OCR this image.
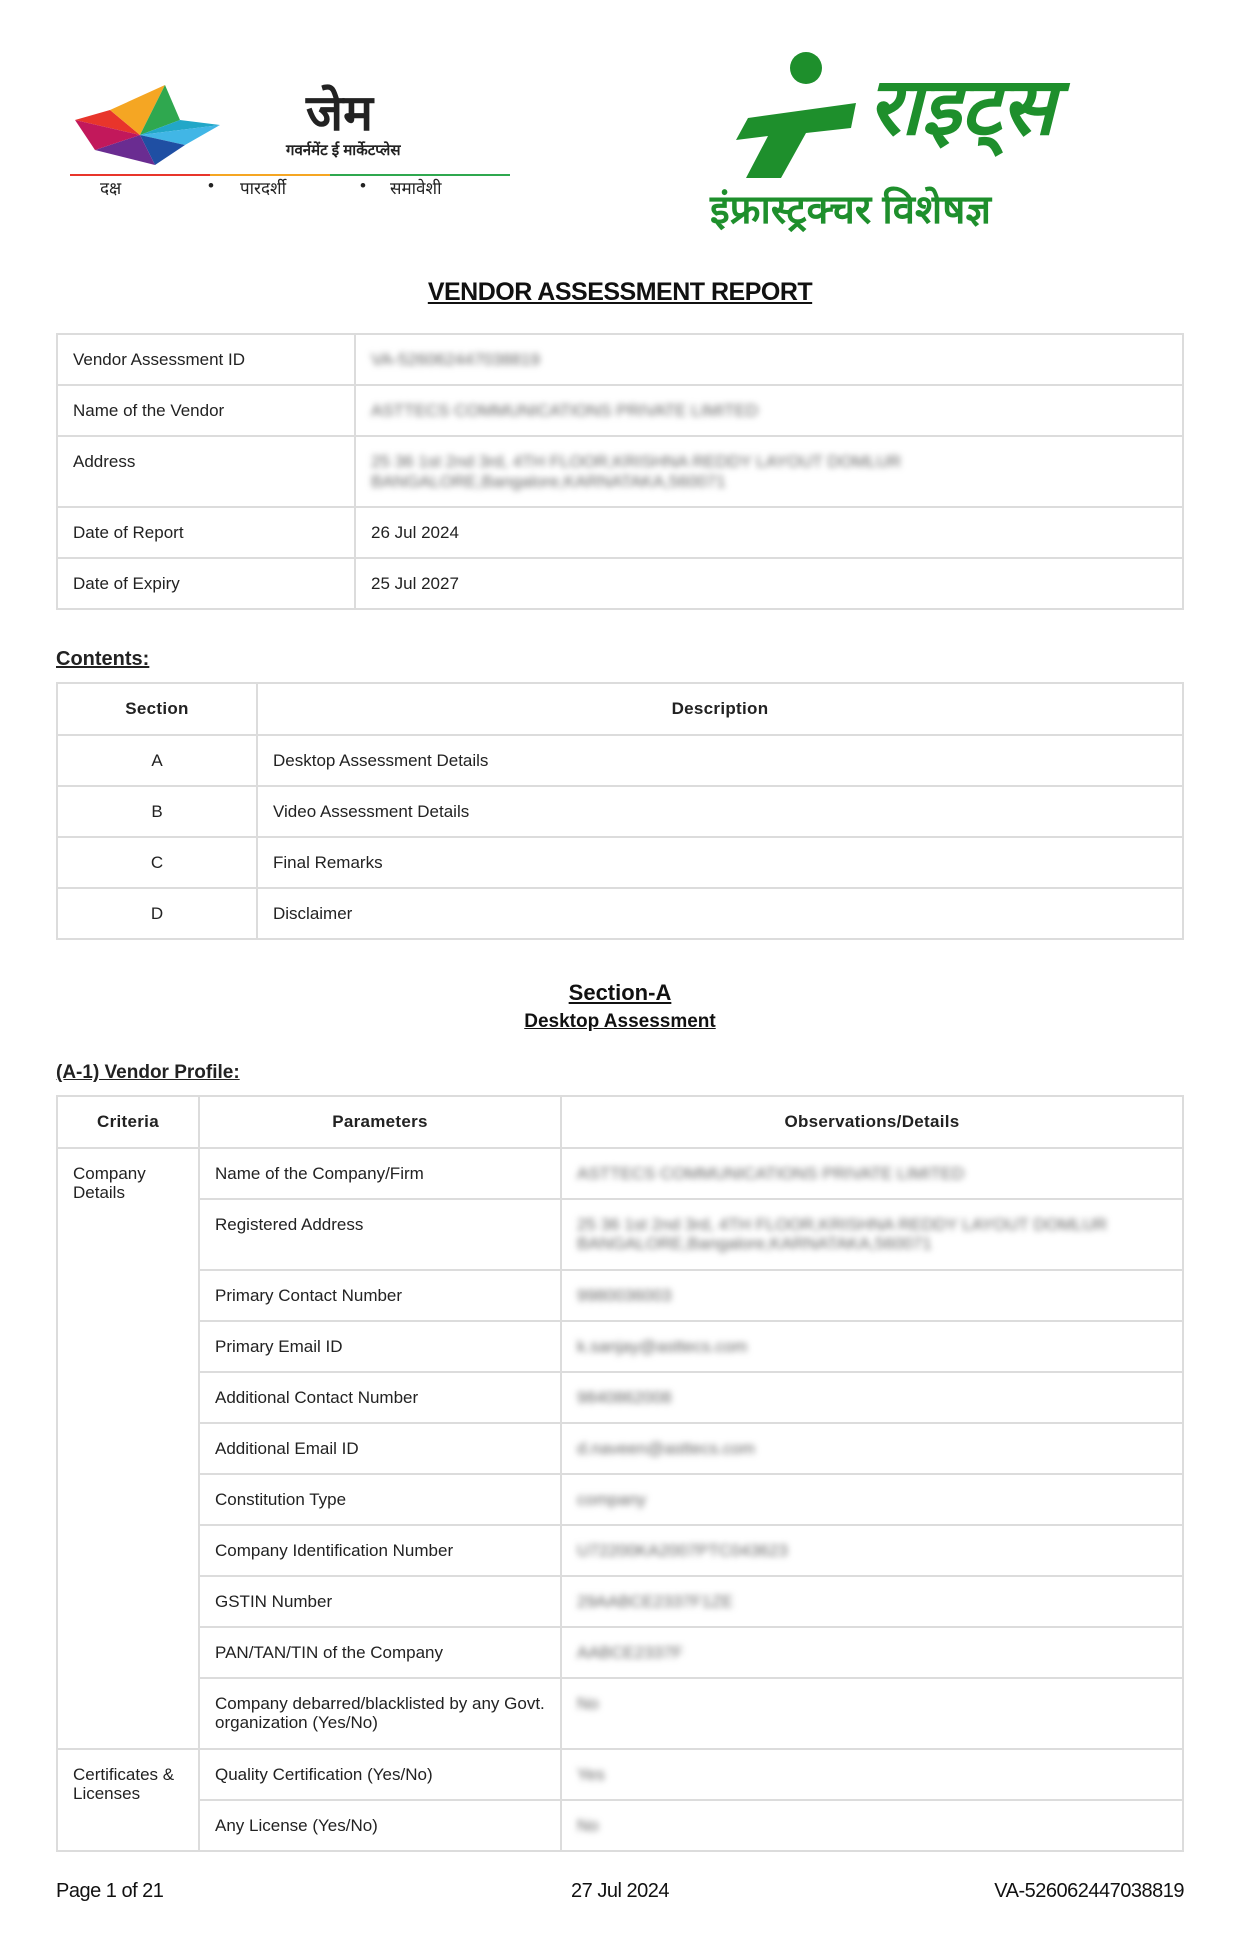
जेम
गवर्नमेंट ई मार्केटप्लेस
दक्ष	• पारदर्शी	• समावेशी
राइट्स
इंफ्रास्ट्रक्चर विशेषज्ञ
VENDOR ASSESSMENT REPORT
Vendor Assessment ID	VA-526062447038819
Name of the Vendor	ASTTECS COMMUNICATIONS PRIVATE LIMITED
Address	25 36 1st 2nd 3rd, 4TH FLOOR,KRISHNA REDDY LAYOUT DOMLUR BANGALORE,Bangalore,KARNATAKA,560071
Date of Report	26 Jul 2024
Date of Expiry	25 Jul 2027
Contents:
Section	Description
A	Desktop Assessment Details
B	Video Assessment Details
C	Final Remarks
D	Disclaimer
Section-A
Desktop Assessment
(A-1) Vendor Profile:
Criteria	Parameters	Observations/Details
Company Details	Name of the Company/Firm	ASTTECS COMMUNICATIONS PRIVATE LIMITED
	Registered Address	25 36 1st 2nd 3rd, 4TH FLOOR,KRISHNA REDDY LAYOUT DOMLUR BANGALORE,Bangalore,KARNATAKA,560071
	Primary Contact Number	9980036003
	Primary Email ID	k.sanjay@asttecs.com
	Additional Contact Number	9840862008
	Additional Email ID	d.naveen@asttecs.com
	Constitution Type	company
	Company Identification Number	U72200KA2007PTC043623
	GSTIN Number	29AABCE2337F1ZE
	PAN/TAN/TIN of the Company	AABCE2337F
	Company debarred/blacklisted by any Govt. organization (Yes/No)	No
Certificates & Licenses	Quality Certification (Yes/No)	Yes
	Any License (Yes/No)	No
Page 1 of 21	27 Jul 2024	VA-526062447038819
